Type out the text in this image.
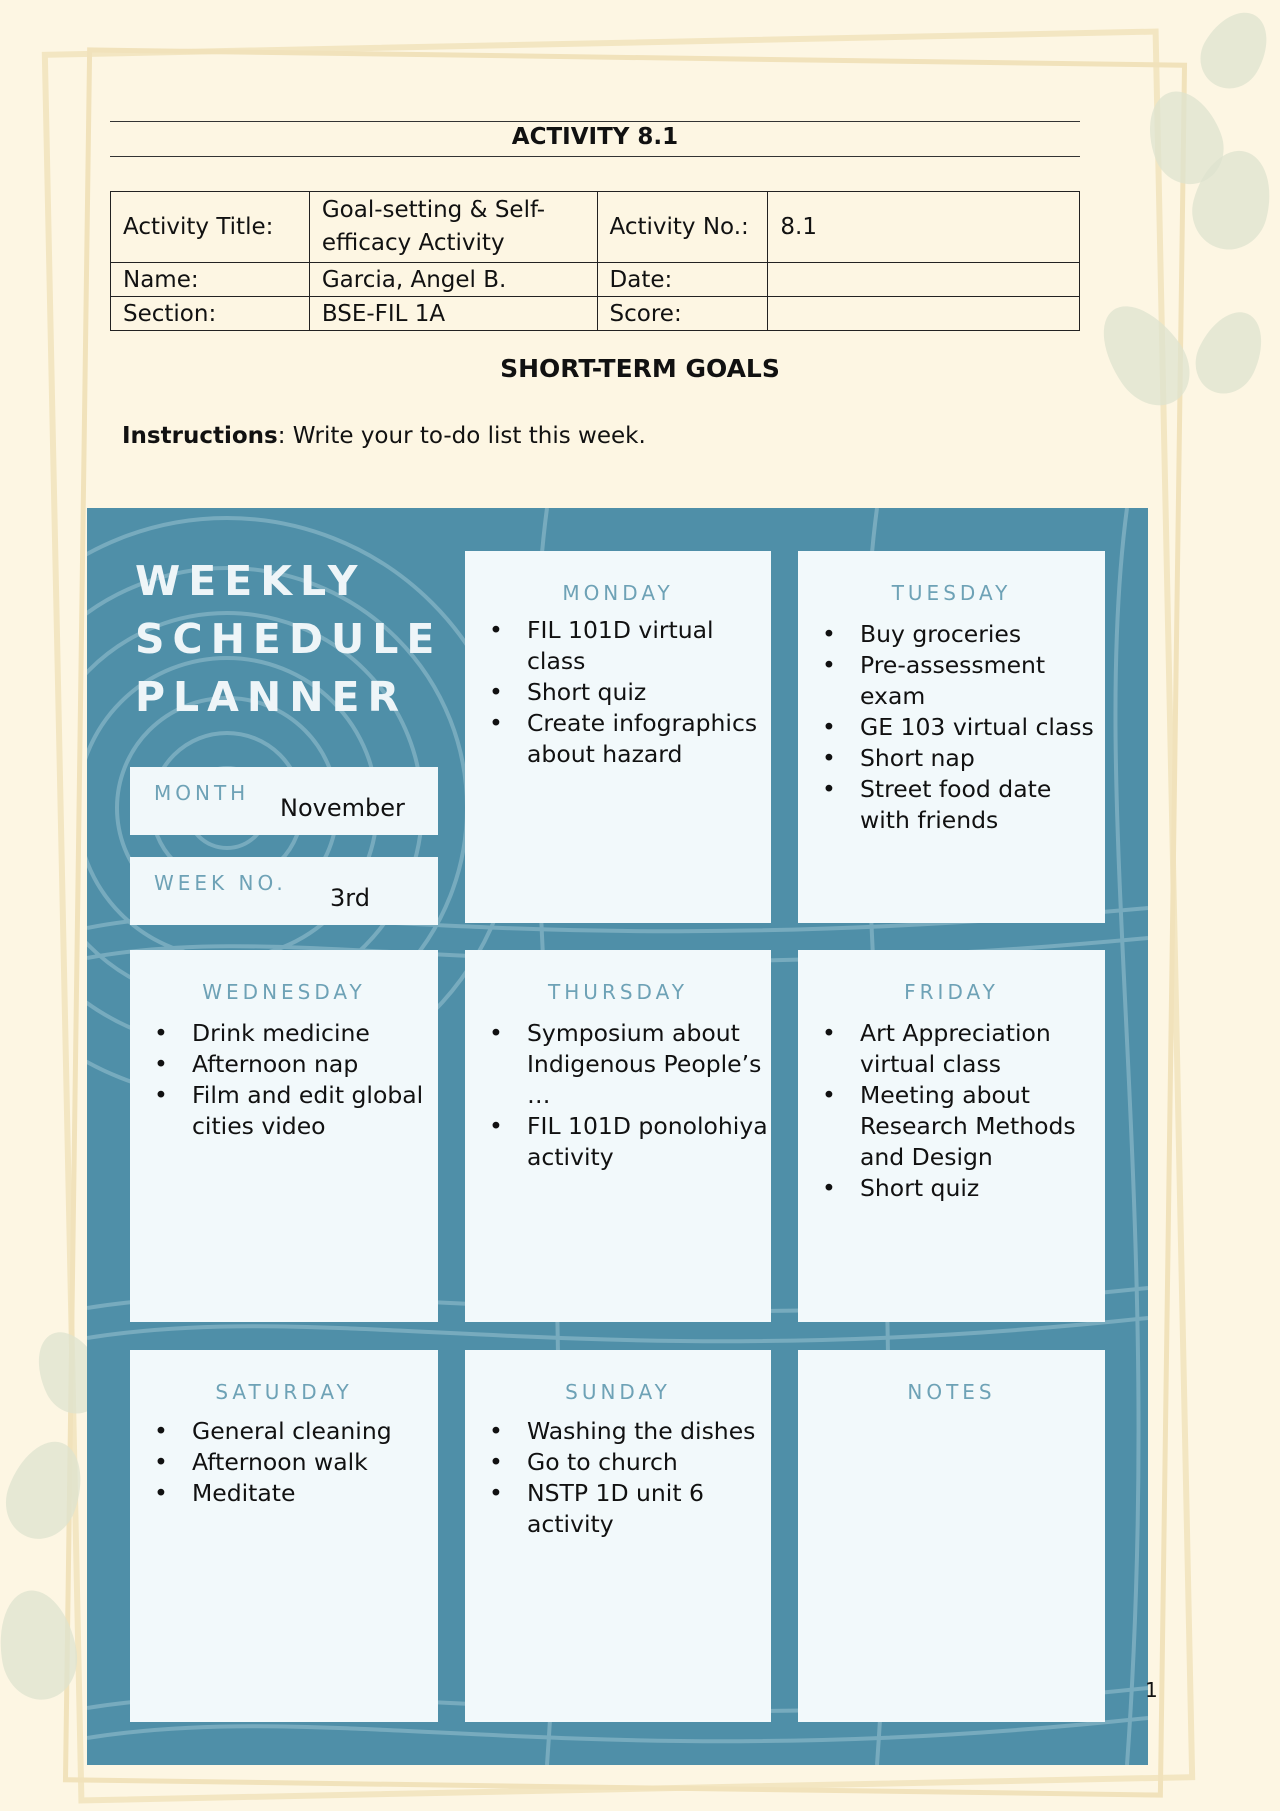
ACTIVITY 8.1
Activity Title:	Goal-setting & Self-efficacy Activity	Activity No.:	8.1
Name:	Garcia, Angel B.	Date:	
Section:	BSE-FIL 1A	Score:	
SHORT-TERM GOALS
Instructions: Write your to-do list this week.
WEEKLY
SCHEDULE
PLANNER
MONTH
November
WEEK NO.
3rd
MONDAY
• FIL 101D virtual class
• Short quiz
• Create infographics about hazard
TUESDAY
• Buy groceries
• Pre-assessment exam
• GE 103 virtual class
• Short nap
• Street food date with friends
WEDNESDAY
• Drink medicine
• Afternoon nap
• Film and edit global cities video
THURSDAY
• Symposium about Indigenous People’s …
• FIL 101D ponolohiya activity
FRIDAY
• Art Appreciation virtual class
• Meeting about Research Methods and Design
• Short quiz
SATURDAY
• General cleaning
• Afternoon walk
• Meditate
SUNDAY
• Washing the dishes
• Go to church
• NSTP 1D unit 6 activity
NOTES
1
